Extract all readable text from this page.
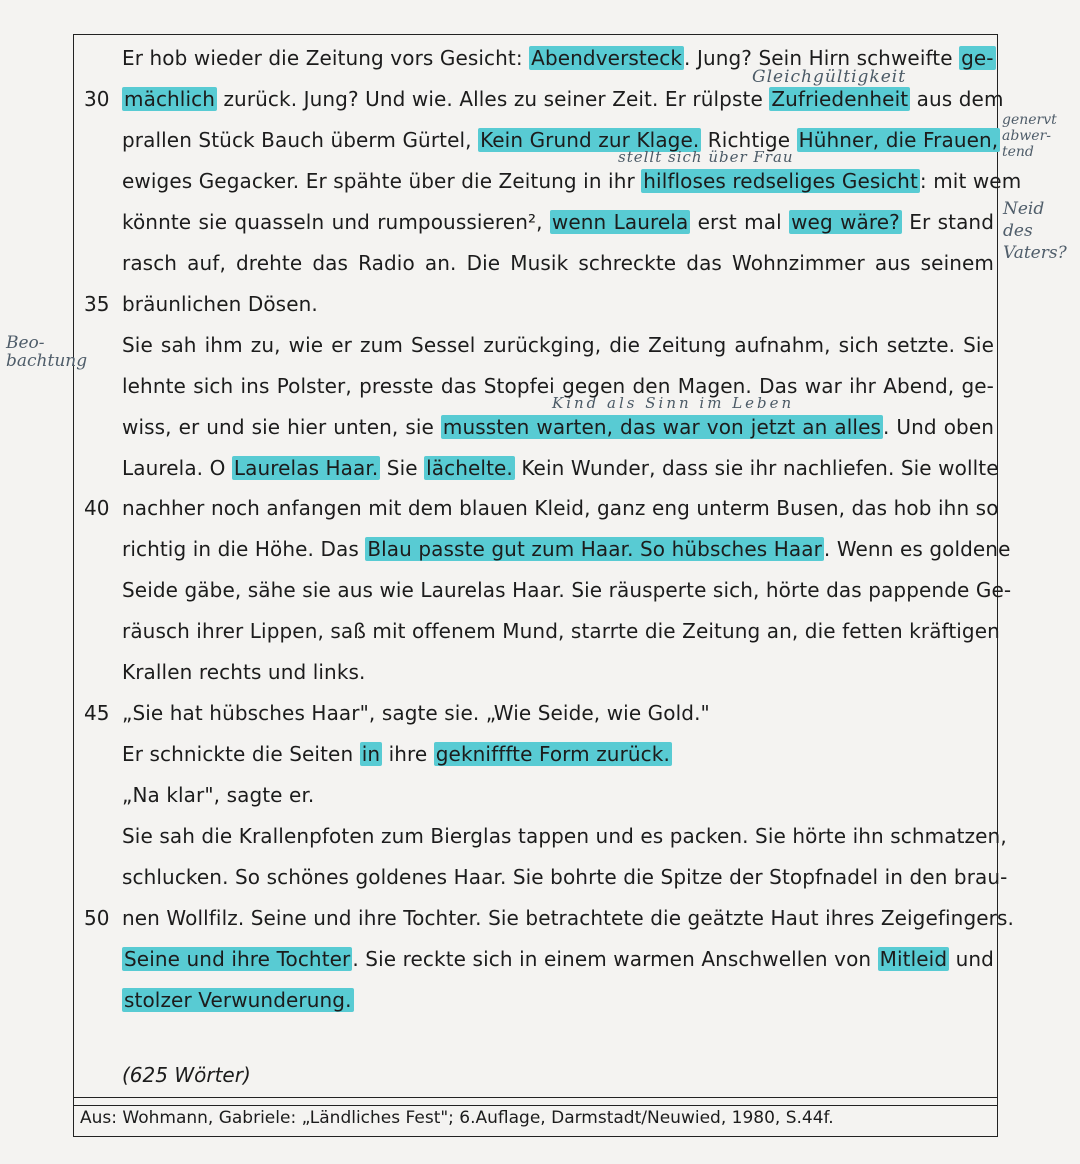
Er hob wieder die Zeitung vors Gesicht: Abendversteck . Jung? Sein Hirn schweifte ge-
30 mächlich zurück. Jung? Und wie. Alles zu seiner Zeit. Er rülpste Zufriedenheit aus dem
prallen Stück Bauch überm Gürtel, Kein Grund zur Klage. Richtige Hühner, die Frauen,
ewiges Gegacker. Er spähte über die Zeitung in ihr hilfloses redseliges Gesicht : mit wem
könnte sie quasseln und rumpoussieren², wenn Laurela erst mal weg wäre? Er stand
rasch auf, drehte das Radio an. Die Musik schreckte das Wohnzimmer aus seinem
35 bräunlichen Dösen.
Sie sah ihm zu, wie er zum Sessel zurückging, die Zeitung aufnahm, sich setzte. Sie
lehnte sich ins Polster, presste das Stopfei gegen den Magen. Das war ihr Abend, ge-
wiss, er und sie hier unten, sie mussten warten, das war von jetzt an alles . Und oben
Laurela. O Laurelas Haar. Sie lächelte. Kein Wunder, dass sie ihr nachliefen. Sie wollte
40 nachher noch anfangen mit dem blauen Kleid, ganz eng unterm Busen, das hob ihn so
richtig in die Höhe. Das Blau passte gut zum Haar. So hübsches Haar . Wenn es goldene
Seide gäbe, sähe sie aus wie Laurelas Haar. Sie räusperte sich, hörte das pappende Ge-
räusch ihrer Lippen, saß mit offenem Mund, starrte die Zeitung an, die fetten kräftigen
Krallen rechts und links.
45 „Sie hat hübsches Haar", sagte sie. „Wie Seide, wie Gold."
Er schnickte die Seiten in ihre geknifffte Form zurück.
„Na klar", sagte er.
Sie sah die Krallenpfoten zum Bierglas tappen und es packen. Sie hörte ihn schmatzen,
schlucken. So schönes goldenes Haar. Sie bohrte die Spitze der Stopfnadel in den brau-
50 nen Wollfilz. Seine und ihre Tochter. Sie betrachtete die geätzte Haut ihres Zeigefingers.
Seine und ihre Tochter . Sie reckte sich in einem warmen Anschwellen von Mitleid und
stolzer Verwunderung.
(625 Wörter)
Aus: Wohmann, Gabriele: „Ländliches Fest"; 6.Auflage, Darmstadt/Neuwied, 1980, S.44f.
Gleichgültigkeit
stellt sich über Frau
Kind als Sinn im Leben
Beo-
bachtung
genervt
abwer-
tend
Neid
des
Vaters?
